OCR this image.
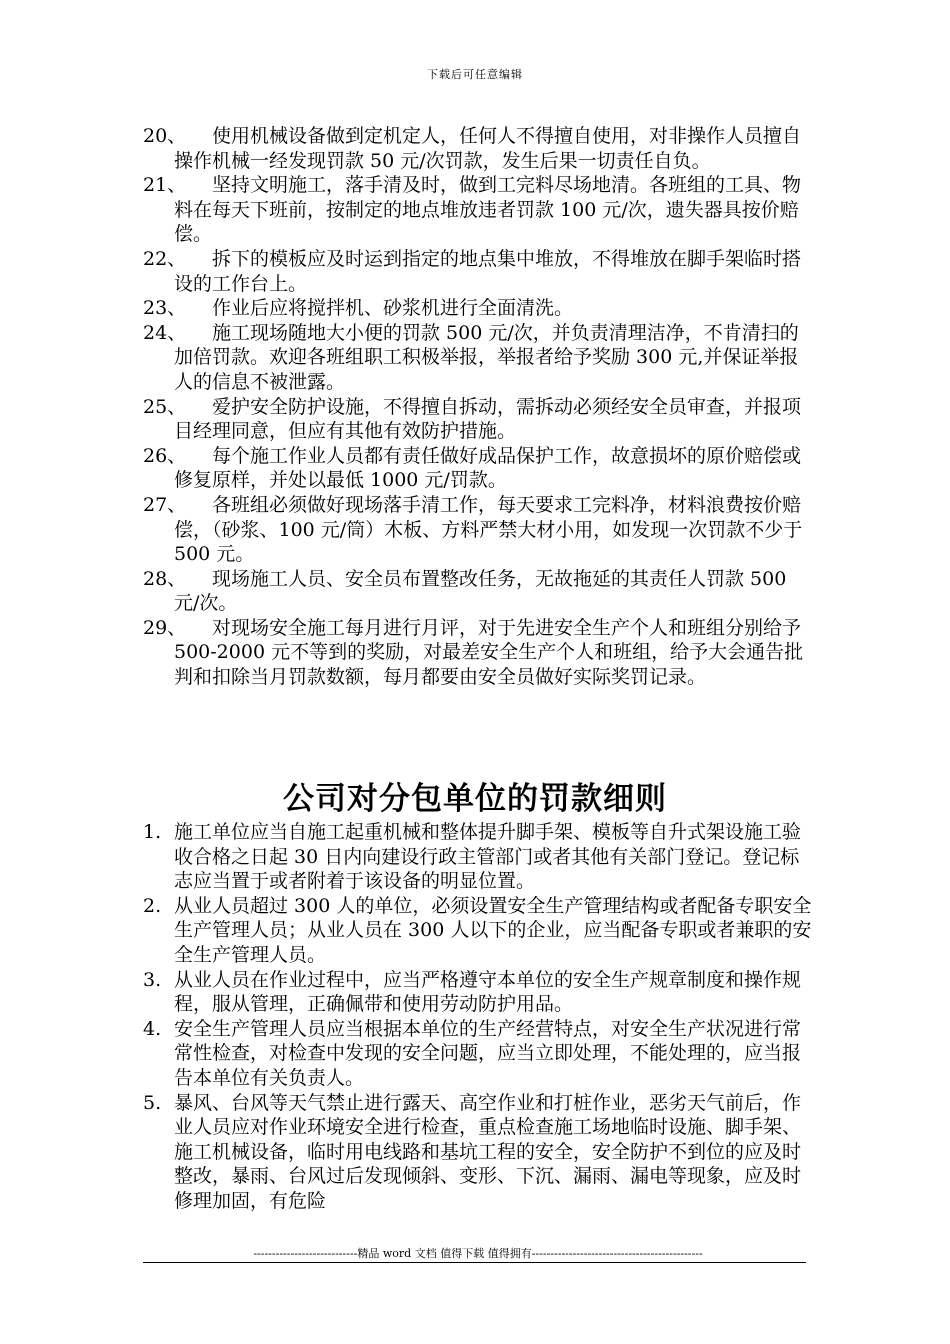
下载后可任意编辑
20、	使用机械设备做到定机定人，任何人不得擅自使用，对非操作人员擅自操作机械一经发现罚款 50 元/次罚款，发生后果一切责任自负。
21、	坚持文明施工，落手清及时，做到工完料尽场地清。各班组的工具、物料在每天下班前，按制定的地点堆放违者罚款 100 元/次，遗失器具按价赔偿。
22、	拆下的模板应及时运到指定的地点集中堆放，不得堆放在脚手架临时搭设的工作台上。
23、	作业后应将搅拌机、砂浆机进行全面清洗。
24、	施工现场随地大小便的罚款 500 元/次，并负责清理洁净，不肯清扫的加倍罚款。欢迎各班组职工积极举报，举报者给予奖励 300 元,并保证举报人的信息不被泄露。
25、	爱护安全防护设施，不得擅自拆动，需拆动必须经安全员审查，并报项目经理同意，但应有其他有效防护措施。
26、	每个施工作业人员都有责任做好成品保护工作，故意损坏的原价赔偿或修复原样，并处以最低 1000 元/罚款。
27、	各班组必须做好现场落手清工作，每天要求工完料净，材料浪费按价赔偿，（砂浆、100 元/筒）木板、方料严禁大材小用，如发现一次罚款不少于 500 元。
28、	现场施工人员、安全员布置整改任务，无故拖延的其责任人罚款 500 元/次。
29、	对现场安全施工每月进行月评，对于先进安全生产个人和班组分别给予 500-2000 元不等到的奖励，对最差安全生产个人和班组，给予大会通告批判和扣除当月罚款数额，每月都要由安全员做好实际奖罚记录。
公司对分包单位的罚款细则
1. 施工单位应当自施工起重机械和整体提升脚手架、模板等自升式架设施工验收合格之日起 30 日内向建设行政主管部门或者其他有关部门登记。登记标志应当置于或者附着于该设备的明显位置。
2. 从业人员超过 300 人的单位，必须设置安全生产管理结构或者配备专职安全生产管理人员；从业人员在 300 人以下的企业，应当配备专职或者兼职的安全生产管理人员。
3. 从业人员在作业过程中，应当严格遵守本单位的安全生产规章制度和操作规程，服从管理，正确佩带和使用劳动防护用品。
4. 安全生产管理人员应当根据本单位的生产经营特点，对安全生产状况进行常常性检查，对检查中发现的安全问题，应当立即处理，不能处理的，应当报告本单位有关负责人。
5. 暴风、台风等天气禁止进行露天、高空作业和打桩作业，恶劣天气前后，作业人员应对作业环境安全进行检查，重点检查施工场地临时设施、脚手架、施工机械设备，临时用电线路和基坑工程的安全，安全防护不到位的应及时整改，暴雨、台风过后发现倾斜、变形、下沉、漏雨、漏电等现象，应及时修理加固，有危险
----------------------------精品 word 文档 值得下载 值得拥有----------------------------------------------
